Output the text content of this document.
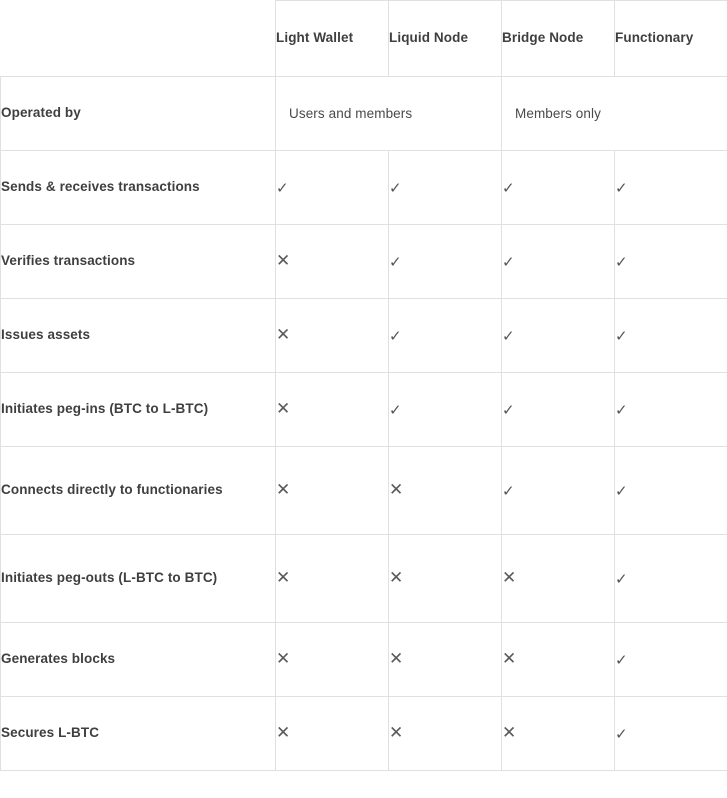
	Light Wallet	Liquid Node	Bridge Node	Functionary
Operated by	Users and members		Members only	
Sends & receives transactions	✓	✓	✓	✓
Verifies transactions	✕	✓	✓	✓
Issues assets	✕	✓	✓	✓
Initiates peg-ins (BTC to L-BTC)	✕	✓	✓	✓
Connects directly to functionaries	✕	✕	✓	✓
Initiates peg-outs (L-BTC to BTC)	✕	✕	✕	✓
Generates blocks	✕	✕	✕	✓
Secures L-BTC	✕	✕	✕	✓
